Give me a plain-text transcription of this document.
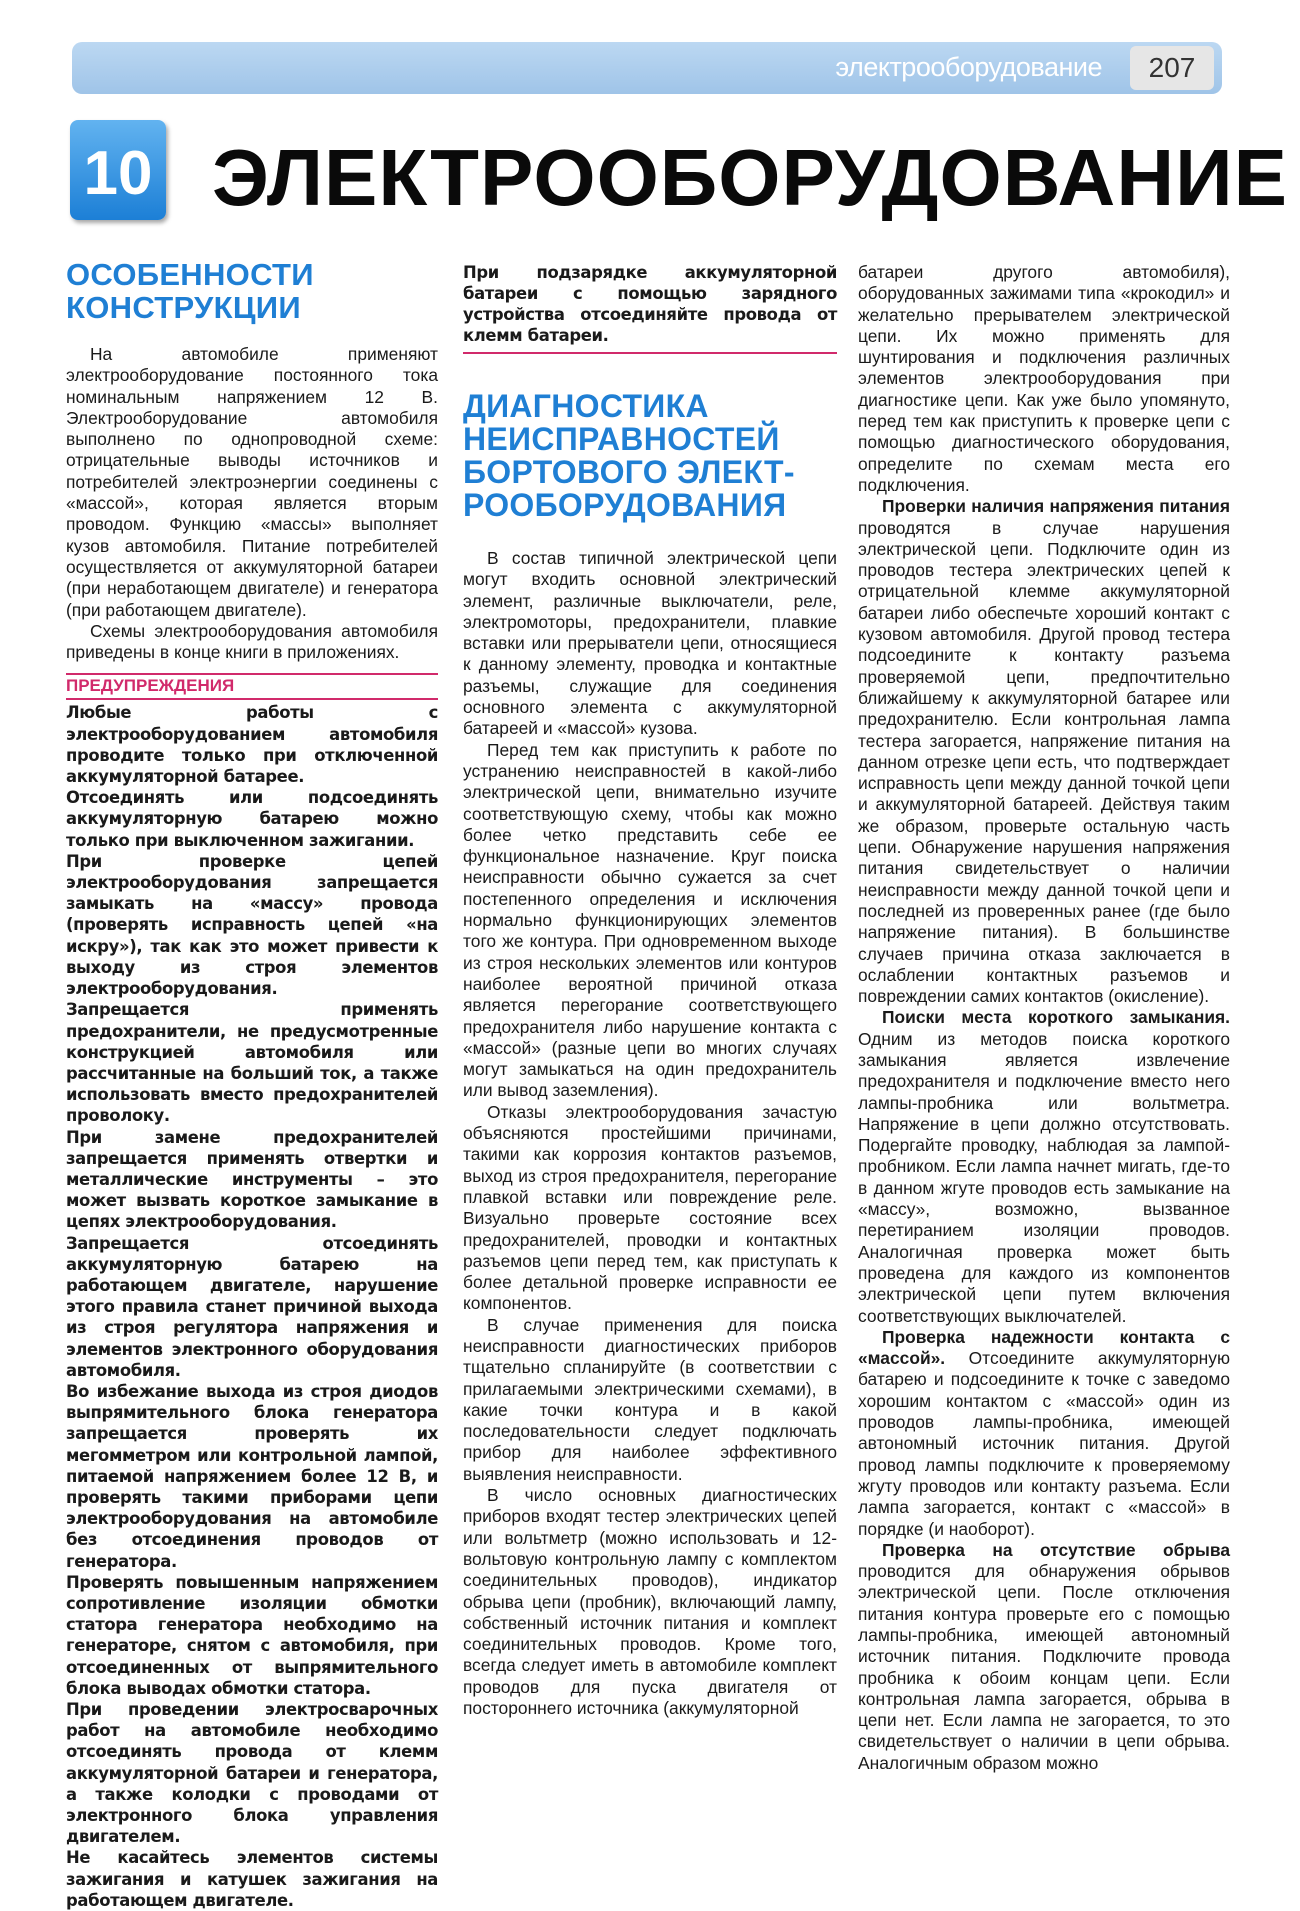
электрооборудование	207
10 ЭЛЕКТРООБОРУДОВАНИЕ
ОСОБЕННОСТИ
КОНСТРУКЦИИ

На автомобиле применяют электрооборудование постоянного тока номинальным напряжением 12 В. Электрооборудование автомобиля выполнено по однопроводной схеме: отрицательные выводы источников и потребителей электроэнергии соединены с «массой», которая является вторым проводом. Функцию «массы» выполняет кузов автомобиля. Питание потребителей осуществляется от аккумуляторной батареи (при неработающем двигателе) и генератора (при работающем двигателе).

Схемы электрооборудования автомобиля приведены в конце книги в приложениях.

ПРЕДУПРЕЖДЕНИЯ

Любые работы с электрооборудованием автомобиля проводите только при отключенной аккумуляторной батарее.

Отсоединять или подсоединять аккумуляторную батарею можно только при выключенном зажигании.

При проверке цепей электрооборудования запрещается замыкать на «массу» провода (проверять исправность цепей «на искру»), так как это может привести к выходу из строя элементов электрооборудования.

Запрещается применять предохранители, не предусмотренные конструкцией автомобиля или рассчитанные на больший ток, а также использовать вместо предохранителей проволоку.

При замене предохранителей запрещается применять отвертки и металлические инструменты – это может вызвать короткое замыкание в цепях электрооборудования.

Запрещается отсоединять аккумуляторную батарею на работающем двигателе, нарушение этого правила станет причиной выхода из строя регулятора напряжения и элементов электронного оборудования автомобиля.

Во избежание выхода из строя диодов выпрямительного блока генератора запрещается проверять их мегомметром или контрольной лампой, питаемой напряжением более 12 В, и проверять такими приборами цепи электрооборудования на автомобиле без отсоединения проводов от генератора.

Проверять повышенным напряжением сопротивление изоляции обмотки статора генератора необходимо на генераторе, снятом с автомобиля, при отсоединенных от выпрямительного блока выводах обмотки статора.

При проведении электросварочных работ на автомобиле необходимо отсоединять провода от клемм аккумуляторной батареи и генератора, а также колодки с проводами от электронного блока управления двигателем.

Не касайтесь элементов системы зажигания и катушек зажигания на работающем двигателе.

При подзарядке аккумуляторной батареи с помощью зарядного устройства отсоединяйте провода от клемм батареи.

ДИАГНОСТИКА
НЕИСПРАВНОСТЕЙ
БОРТОВОГО ЭЛЕКТ-
РООБОРУДОВАНИЯ

В состав типичной электрической цепи могут входить основной электрический элемент, различные выключатели, реле, электромоторы, предохранители, плавкие вставки или прерыватели цепи, относящиеся к данному элементу, проводка и контактные разъемы, служащие для соединения основного элемента с аккумуляторной батареей и «массой» кузова.

Перед тем как приступить к работе по устранению неисправностей в какой-либо электрической цепи, внимательно изучите соответствующую схему, чтобы как можно более четко представить себе ее функциональное назначение. Круг поиска неисправности обычно сужается за счет постепенного определения и исключения нормально функционирующих элементов того же контура. При одновременном выходе из строя нескольких элементов или контуров наиболее вероятной причиной отказа является перегорание соответствующего предохранителя либо нарушение контакта с «массой» (разные цепи во многих случаях могут замыкаться на один предохранитель или вывод заземления).

Отказы электрооборудования зачастую объясняются простейшими причинами, такими как коррозия контактов разъемов, выход из строя предохранителя, перегорание плавкой вставки или повреждение реле. Визуально проверьте состояние всех предохранителей, проводки и контактных разъемов цепи перед тем, как приступать к более детальной проверке исправности ее компонентов.

В случае применения для поиска неисправности диагностических приборов тщательно спланируйте (в соответствии с прилагаемыми электрическими схемами), в какие точки контура и в какой последовательности следует подключать прибор для наиболее эффективного выявления неисправности.

В число основных диагностических приборов входят тестер электрических цепей или вольтметр (можно использовать и 12-вольтовую контрольную лампу с комплектом соединительных проводов), индикатор обрыва цепи (пробник), включающий лампу, собственный источник питания и комплект соединительных проводов. Кроме того, всегда следует иметь в автомобиле комплект проводов для пуска двигателя от постороннего источника (аккумуляторной

батареи другого автомобиля), оборудованных зажимами типа «крокодил» и желательно прерывателем электрической цепи. Их можно применять для шунтирования и подключения различных элементов электрооборудования при диагностике цепи. Как уже было упомянуто, перед тем как приступить к проверке цепи с помощью диагностического оборудования, определите по схемам места его подключения.

Проверки наличия напряжения питания проводятся в случае нарушения электрической цепи. Подключите один из проводов тестера электрических цепей к отрицательной клемме аккумуляторной батареи либо обеспечьте хороший контакт с кузовом автомобиля. Другой провод тестера подсоедините к контакту разъема проверяемой цепи, предпочтительно ближайшему к аккумуляторной батарее или предохранителю. Если контрольная лампа тестера загорается, напряжение питания на данном отрезке цепи есть, что подтверждает исправность цепи между данной точкой цепи и аккумуляторной батареей. Действуя таким же образом, проверьте остальную часть цепи. Обнаружение нарушения напряжения питания свидетельствует о наличии неисправности между данной точкой цепи и последней из проверенных ранее (где было напряжение питания). В большинстве случаев причина отказа заключается в ослаблении контактных разъемов и повреждении самих контактов (окисление).

Поиски места короткого замыкания. Одним из методов поиска короткого замыкания является извлечение предохранителя и подключение вместо него лампы-пробника или вольтметра. Напряжение в цепи должно отсутствовать. Подергайте проводку, наблюдая за лампой-пробником. Если лампа начнет мигать, где-то в данном жгуте проводов есть замыкание на «массу», возможно, вызванное перетиранием изоляции проводов. Аналогичная проверка может быть проведена для каждого из компонентов электрической цепи путем включения соответствующих выключателей.

Проверка надежности контакта с «массой». Отсоедините аккумуляторную батарею и подсоедините к точке с заведомо хорошим контактом с «массой» один из проводов лампы-пробника, имеющей автономный источник питания. Другой провод лампы подключите к проверяемому жгуту проводов или контакту разъема. Если лампа загорается, контакт с «массой» в порядке (и наоборот).

Проверка на отсутствие обрыва проводится для обнаружения обрывов электрической цепи. После отключения питания контура проверьте его с помощью лампы-пробника, имеющей автономный источник питания. Подключите провода пробника к обоим концам цепи. Если контрольная лампа загорается, обрыва в цепи нет. Если лампа не загорается, то это свидетельствует о наличии в цепи обрыва. Аналогичным образом можно
